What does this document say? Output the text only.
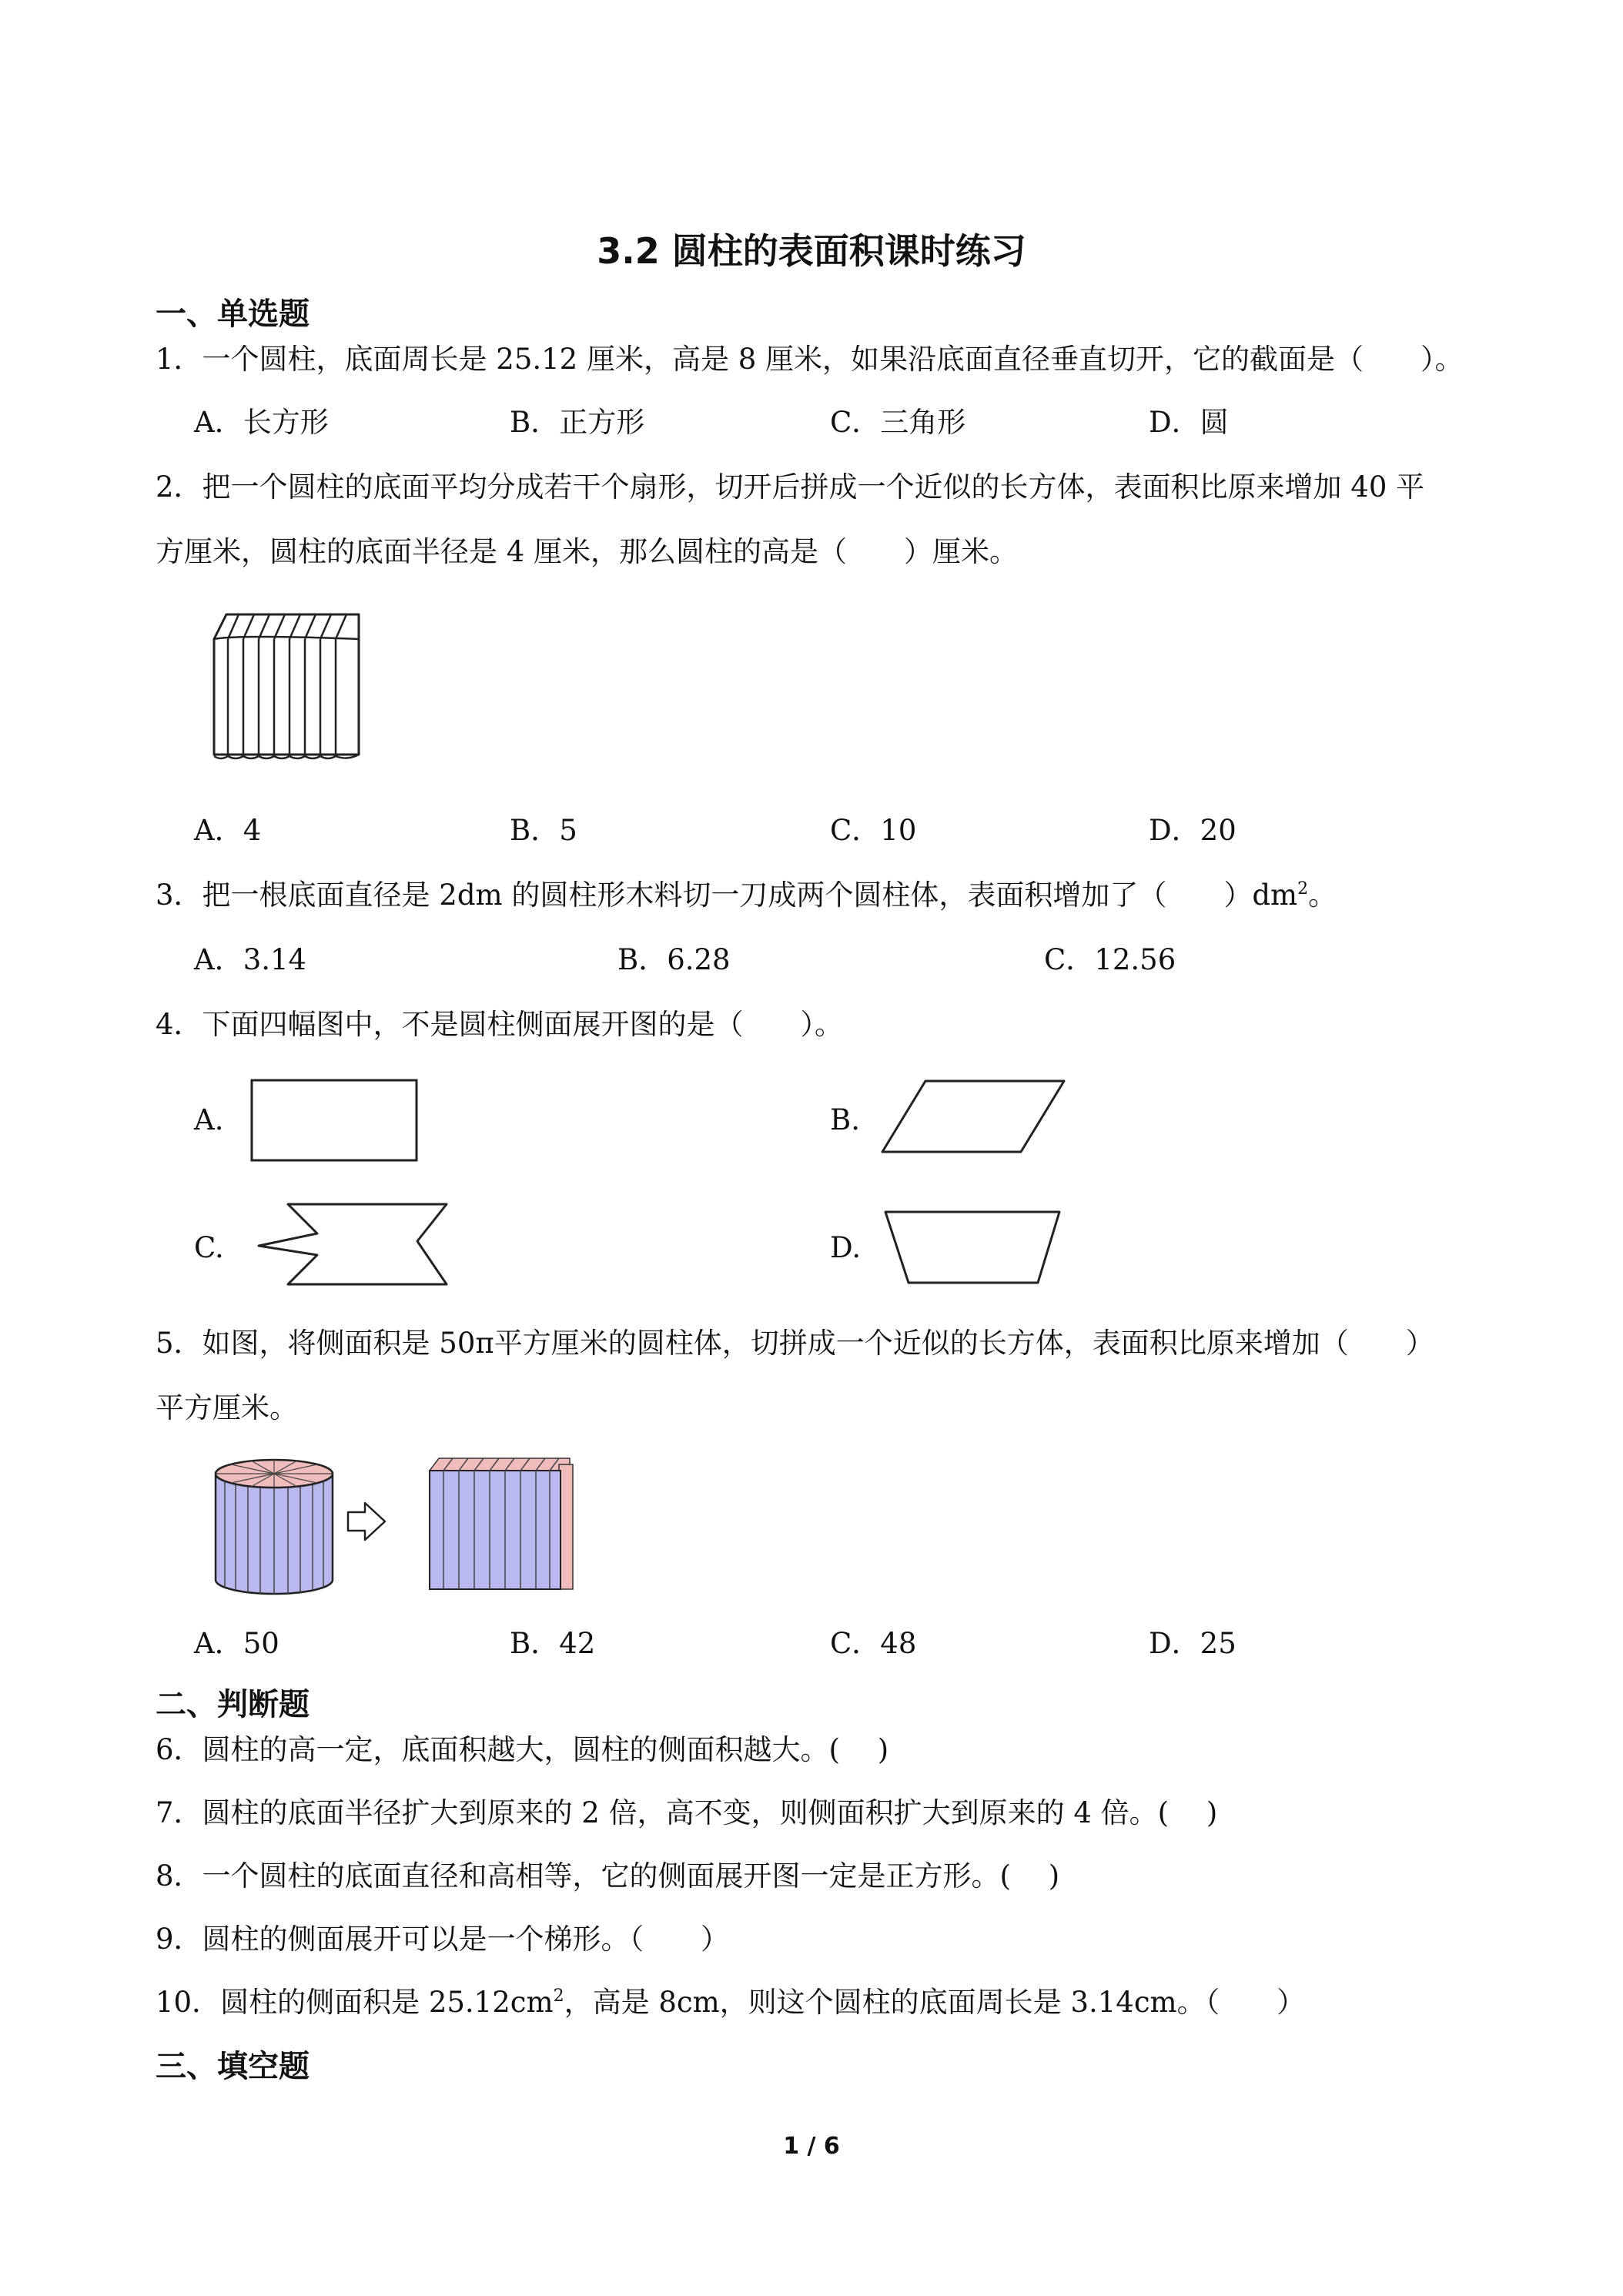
3.2 圆柱的表面积课时练习
一、单选题
1．一个圆柱，底面周长是 25.12 厘米，高是 8 厘米，如果沿底面直径垂直切开，它的截面是（　　）。
A．长方形	B．正方形	C．三角形	D．圆
2．把一个圆柱的底面平均分成若干个扇形，切开后拼成一个近似的长方体，表面积比原来增加 40 平
方厘米，圆柱的底面半径是 4 厘米，那么圆柱的高是（　　）厘米。
A．4	B．5	C．10	D．20
3．把一根底面直径是 2dm 的圆柱形木料切一刀成两个圆柱体，表面积增加了（　　）$dm^2$。
A．3.14	B．6.28	C．12.56
4．下面四幅图中，不是圆柱侧面展开图的是（　　）。
A.	B.
C.	D.
5．如图，将侧面积是 50π平方厘米的圆柱体，切拼成一个近似的长方体，表面积比原来增加（　　）
平方厘米。
A．50	B．42	C．48	D．25
二、判断题
6．圆柱的高一定，底面积越大，圆柱的侧面积越大。(　 )
7．圆柱的底面半径扩大到原来的 2 倍，高不变，则侧面积扩大到原来的 4 倍。(　 )
8．一个圆柱的底面直径和高相等，它的侧面展开图一定是正方形。(　 )
9．圆柱的侧面展开可以是一个梯形。（　　）
10．圆柱的侧面积是 $25.12cm^2$，高是 8cm，则这个圆柱的底面周长是 3.14cm。（　　）
三、填空题
1 / 6
